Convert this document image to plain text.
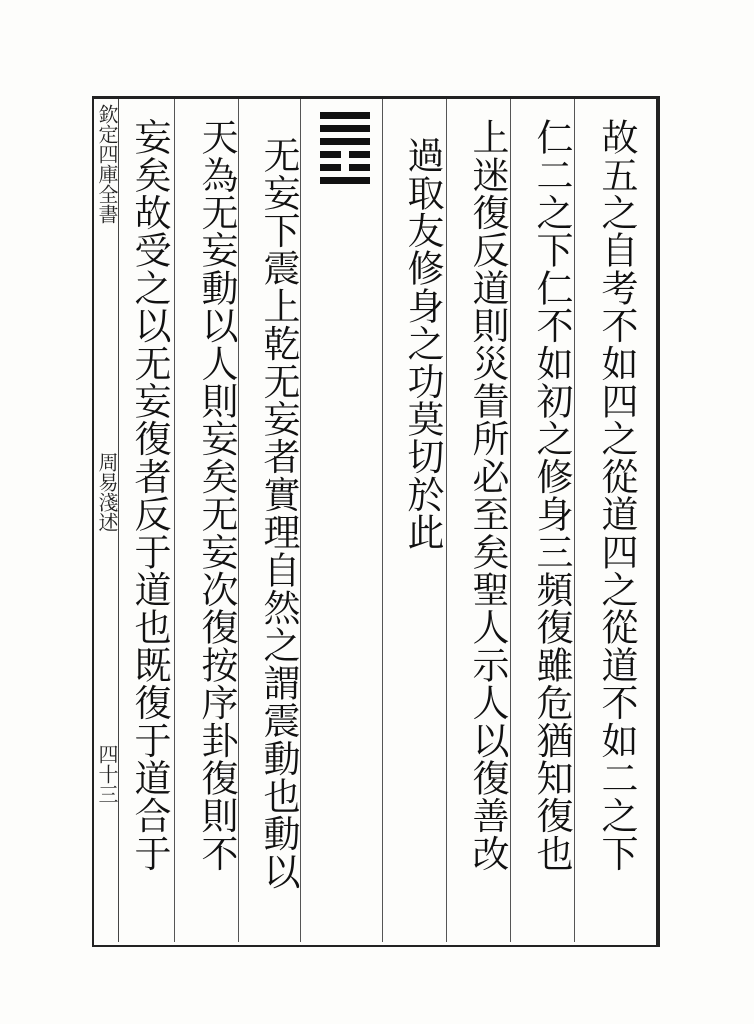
欽定四庫全書
周易淺述
四十三	故五之自考不如四之從道四之從道不如二之下
仁二之下仁不如初之修身三頻復雖危猶知復也
上迷復反道則災眚所必至矣聖人示人以復善改
過取友修身之功莫切於此
无妄下震上乾无妄者實理自然之謂震動也動以
天為无妄動以人則妄矣无妄次復按序卦復則不
妄矣故受之以无妄復者反于道也既復于道合于
